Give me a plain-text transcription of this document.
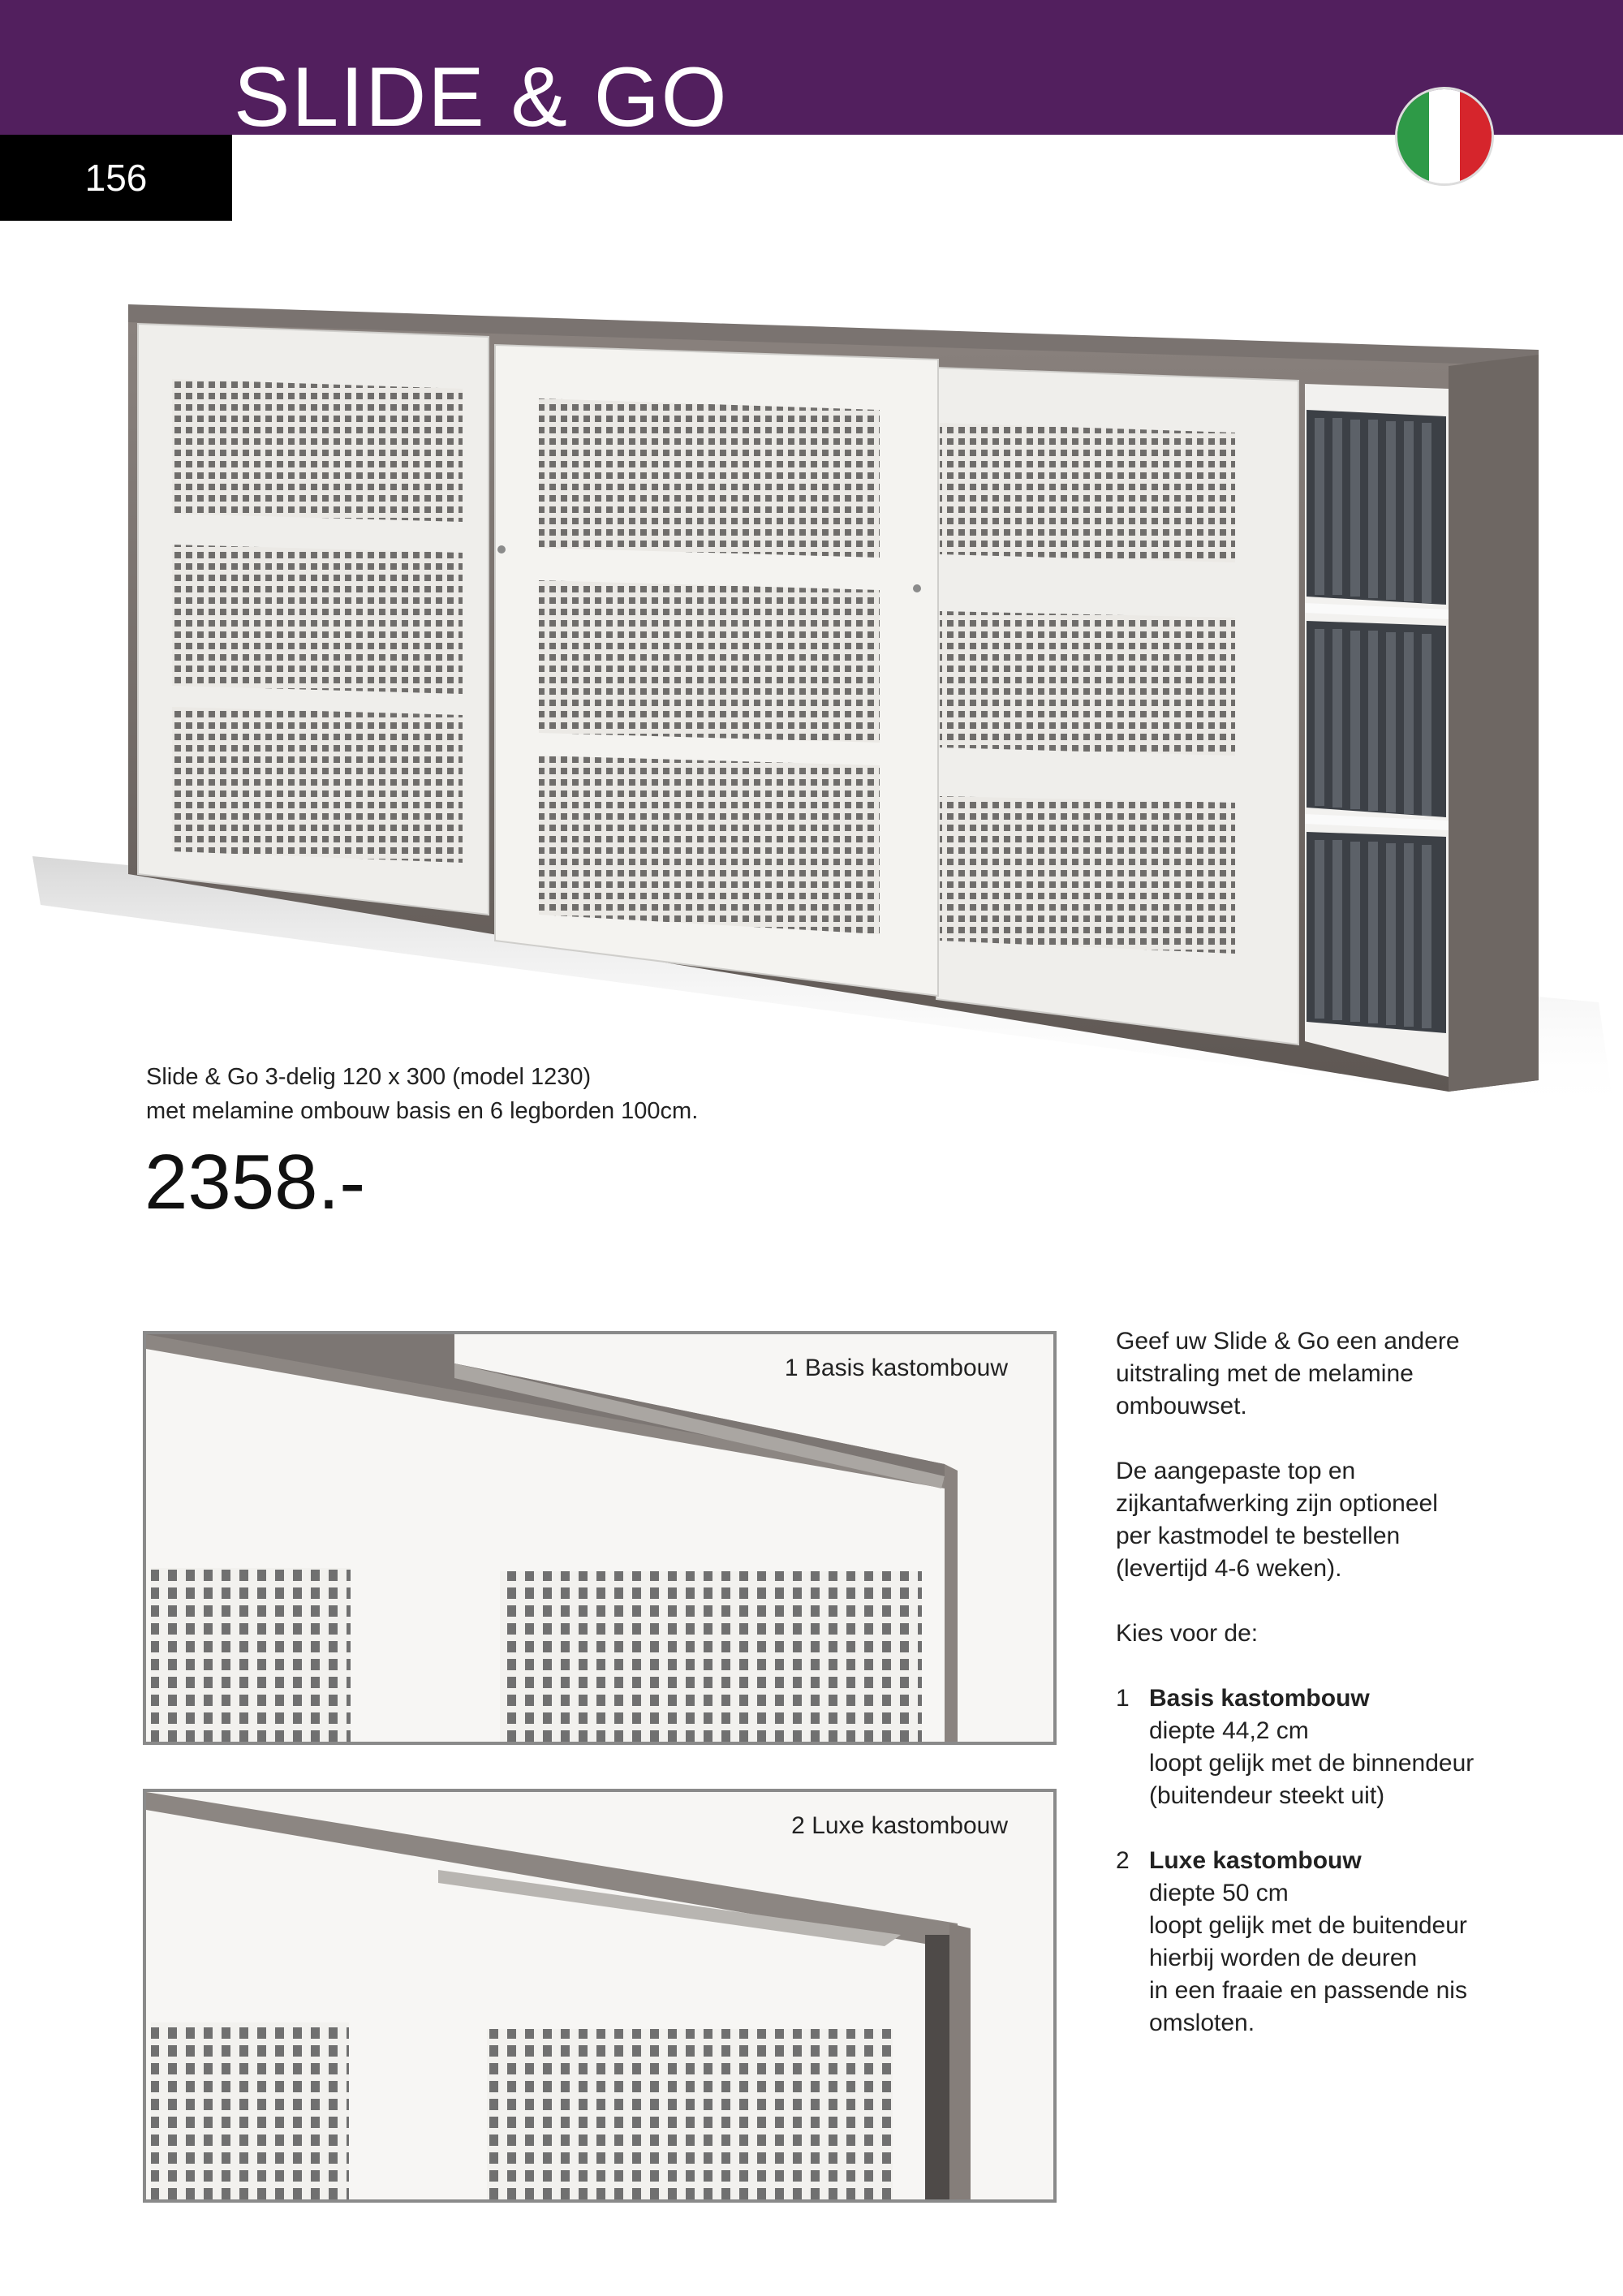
SLIDE & GO
156
Slide & Go 3-delig 120 x 300 (model 1230)
met melamine ombouw basis en 6 legborden 100cm.
2358.-
1 Basis kastombouw
2 Luxe kastombouw

Geef uw Slide & Go een andere
uitstraling met de melamine
ombouwset.

De aangepaste top en
zijkantafwerking zijn optioneel
per kastmodel te bestellen
(levertijd 4-6 weken).

Kies voor de:

1 Basis kastombouw
diepte 44,2 cm
loopt gelijk met de binnendeur
(buitendeur steekt uit)
2 Luxe kastombouw
diepte 50 cm
loopt gelijk met de buitendeur
hierbij worden de deuren
in een fraaie en passende nis
omsloten.
